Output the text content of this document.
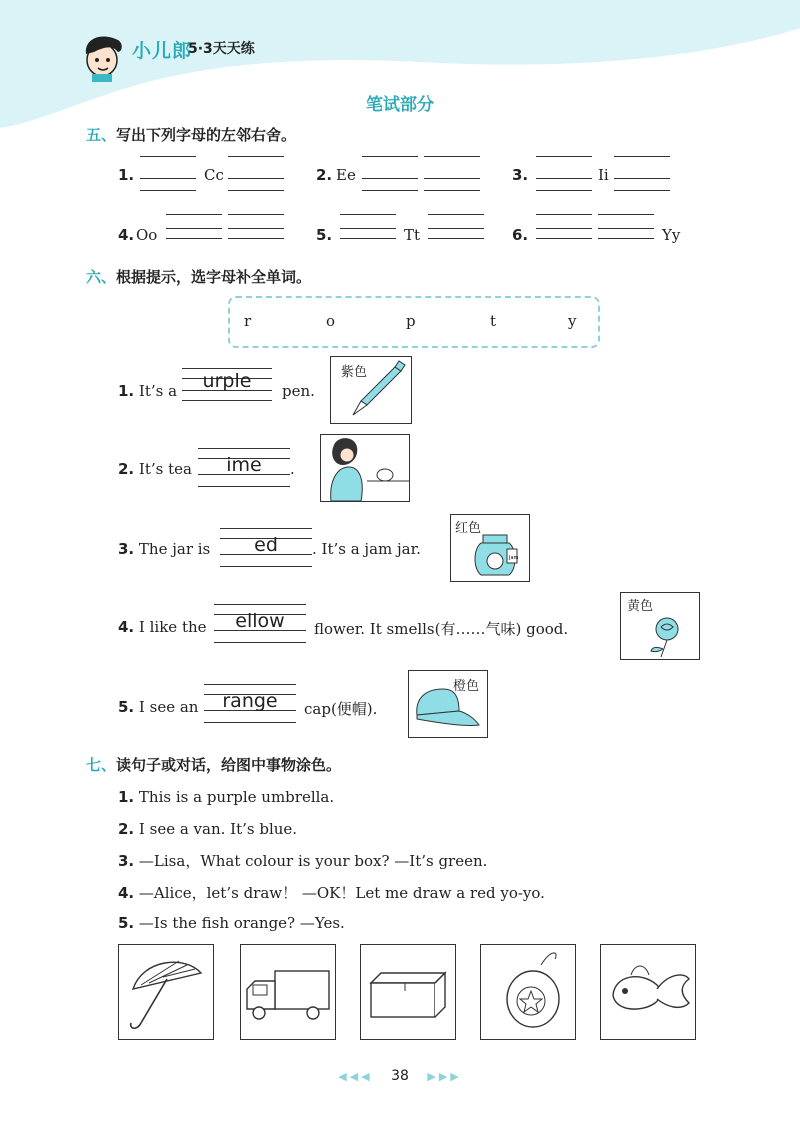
小儿郎
5·3天天练
笔试部分
五、写出下列字母的左邻右舍。
1.	Cc	2. Ee	3.	Ii
4. Oo	5.	Tt	6.	Yy
六、根据提示，选字母补全单词。
r	o	p	t	y
1. It’s a	urple	pen.
紫色
2. It’s tea	ime	.
3. The jar is	ed	. It’s a jam jar.
红色
Jam
4. I like the	ellow	flower. It smells(有……气味) good.
黄色
5. I see an	range	cap(便帽).
橙色
七、读句子或对话，给图中事物涂色。
1. This is a purple umbrella.
2. I see a van. It’s blue.
3. —Lisa，What colour is your box? —It’s green.
4. —Alice，let’s draw！ —OK！Let me draw a red yo-yo.
5. —Is the fish orange? —Yes.
◀◀◀ 38 ▶▶▶
